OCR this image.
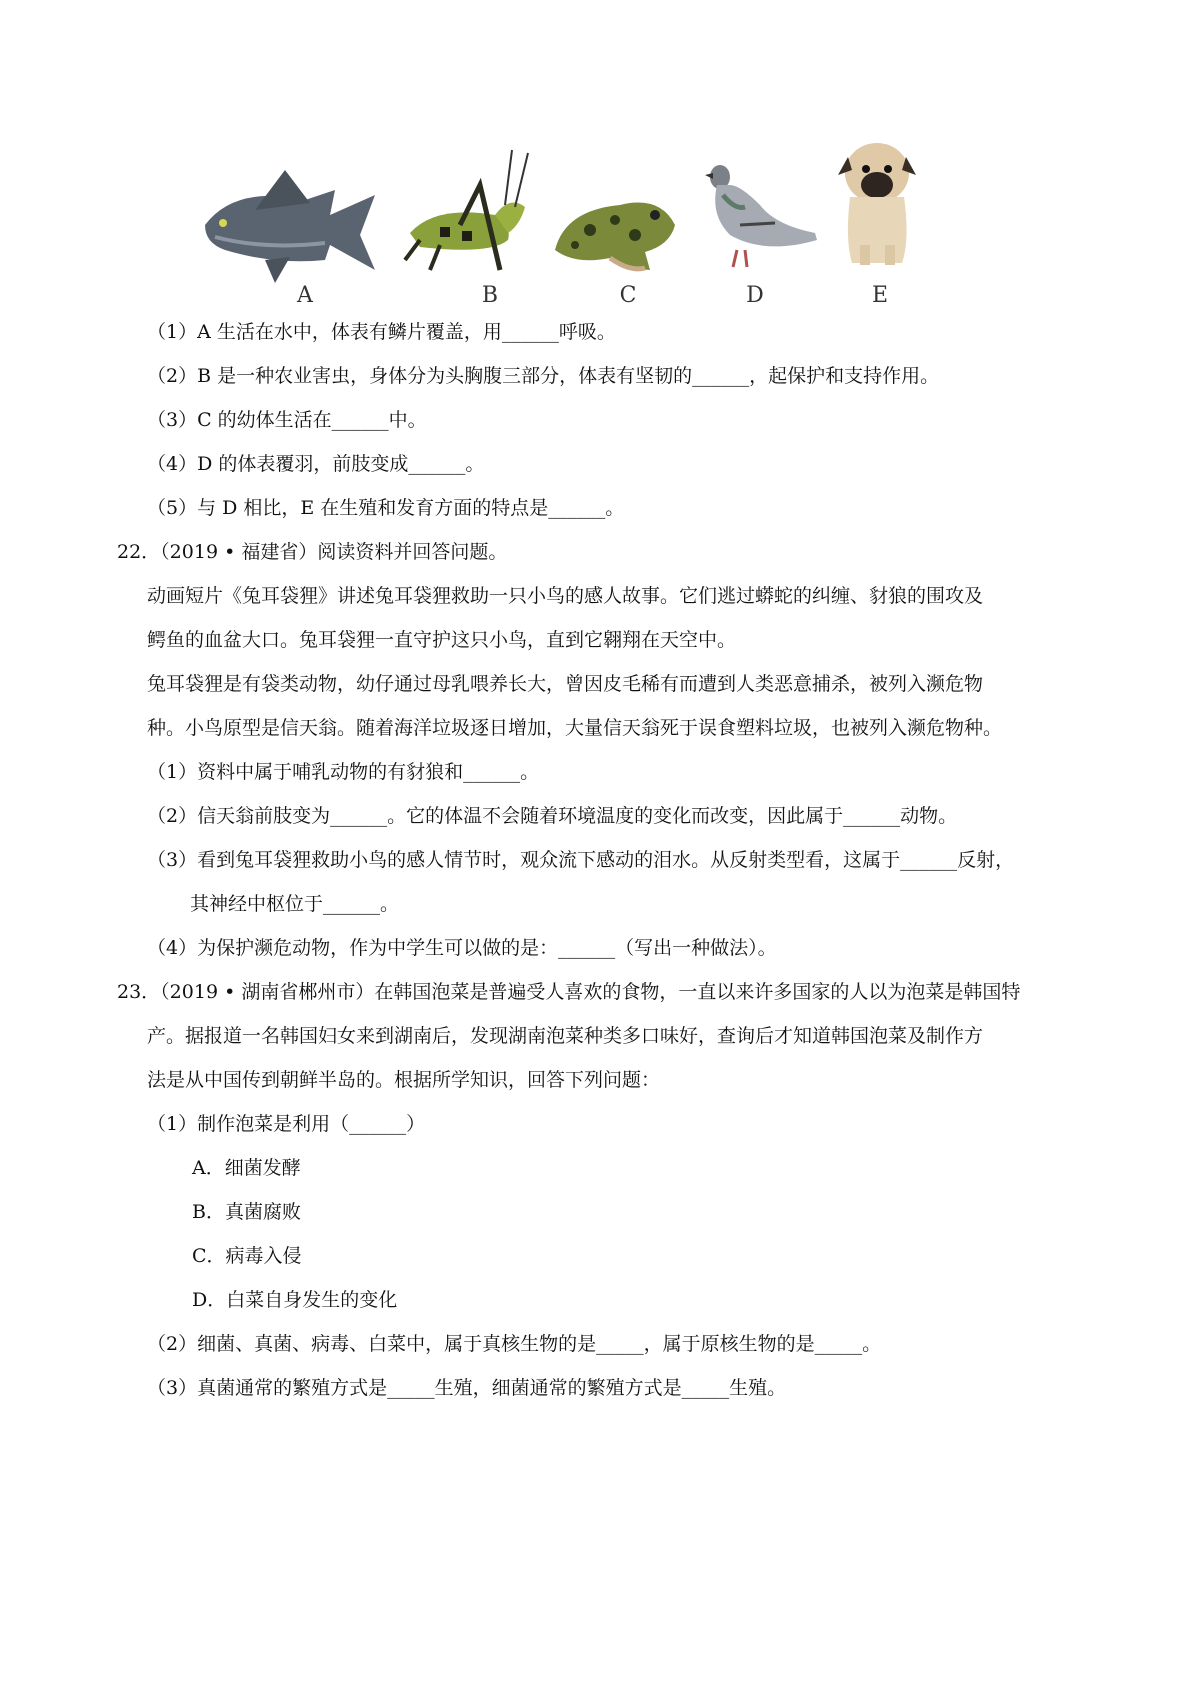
A	B	C	D	E
（1）A 生活在水中，体表有鳞片覆盖，用______呼吸。
（2）B 是一种农业害虫，身体分为头胸腹三部分，体表有坚韧的______，起保护和支持作用。
（3）C 的幼体生活在______中。
（4）D 的体表覆羽，前肢变成______。
（5）与 D 相比，E 在生殖和发育方面的特点是______。
22．（2019 • 福建省）阅读资料并回答问题。
动画短片《兔耳袋狸》讲述兔耳袋狸救助一只小鸟的感人故事。它们逃过蟒蛇的纠缠、豺狼的围攻及
鳄鱼的血盆大口。兔耳袋狸一直守护这只小鸟，直到它翱翔在天空中。
兔耳袋狸是有袋类动物，幼仔通过母乳喂养长大，曾因皮毛稀有而遭到人类恶意捕杀，被列入濒危物
种。小鸟原型是信天翁。随着海洋垃圾逐日增加，大量信天翁死于误食塑料垃圾，也被列入濒危物种。
（1）资料中属于哺乳动物的有豺狼和______。
（2）信天翁前肢变为______。它的体温不会随着环境温度的变化而改变，因此属于______动物。
（3）看到兔耳袋狸救助小鸟的感人情节时，观众流下感动的泪水。从反射类型看，这属于______反射，
其神经中枢位于______。
（4）为保护濒危动物，作为中学生可以做的是：______（写出一种做法）。
23．（2019 • 湖南省郴州市）在韩国泡菜是普遍受人喜欢的食物，一直以来许多国家的人以为泡菜是韩国特
产。据报道一名韩国妇女来到湖南后，发现湖南泡菜种类多口味好，查询后才知道韩国泡菜及制作方
法是从中国传到朝鲜半岛的。根据所学知识，回答下列问题：
（1）制作泡菜是利用（______）
A．细菌发酵
B．真菌腐败
C．病毒入侵
D．白菜自身发生的变化
（2）细菌、真菌、病毒、白菜中，属于真核生物的是_____，属于原核生物的是_____。
（3）真菌通常的繁殖方式是_____生殖，细菌通常的繁殖方式是_____生殖。
